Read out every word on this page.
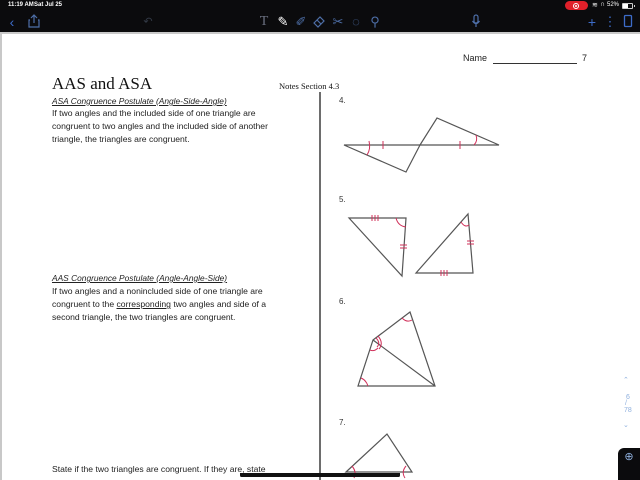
11:19 AM Sat Jul 25	≋ ∩ 52%
‹	↶	T ✎ ✐ ✂ ◌ ⚲	+ ⋮
Name	7
AAS and ASA	Notes Section 4.3
ASA Congruence Postulate (Angle-Side-Angle)
If two angles and the included side of one triangle are
congruent to two angles and the included side of another
triangle, the triangles are congruent.
AAS Congruence Postulate (Angle-Angle-Side)
If two angles and a nonincluded side of one triangle are
congruent to the corresponding two angles and side of a
second triangle, the two triangles are congruent.
State if the two triangles are congruent. If they are, state
4.
5.
6.
7.
⌃
6
/
78
⌄
⊕
